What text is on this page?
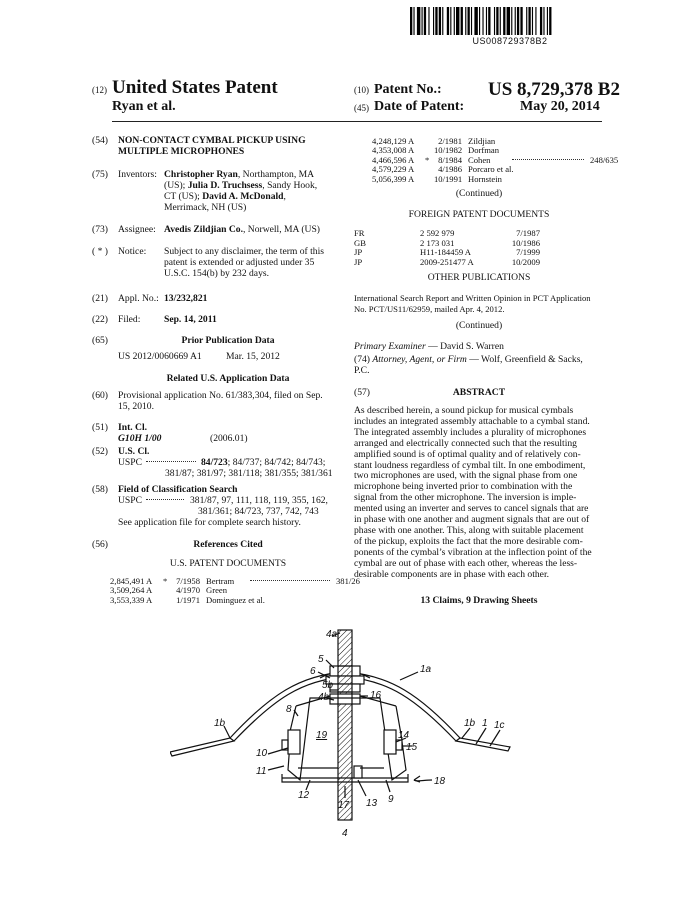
US008729378B2
(12) United States Patent
Ryan et al.
(10) Patent No.: US 8,729,378 B2
(45) Date of Patent:	May 20, 2014
(54) NON-CONTACT CYMBAL PICKUP USING
MULTIPLE MICROPHONES
(75) Inventors: Christopher Ryan, Northampton, MA
(US); Julia D. Truchsess, Sandy Hook,
CT (US); David A. McDonald,
Merrimack, NH (US)
(73) Assignee: Avedis Zildjian Co., Norwell, MA (US)
( * ) Notice: Subject to any disclaimer, the term of this
patent is extended or adjusted under 35
U.S.C. 154(b) by 232 days.
(21) Appl. No.: 13/232,821
(22) Filed: Sep. 14, 2011
(65)	Prior Publication Data
US 2012/0060669 A1	Mar. 15, 2012
Related U.S. Application Data
(60) Provisional application No. 61/383,304, filed on Sep.
15, 2010.
(51) Int. Cl.
G10H 1/00	(2006.01)
(52) U.S. Cl.
USPC	84/723; 84/737; 84/742; 84/743;
381/87; 381/97; 381/118; 381/355; 381/361
(58) Field of Classification Search
USPC	381/87, 97, 111, 118, 119, 355, 162,
381/361; 84/723, 737, 742, 743
See application file for complete search history.
(56)	References Cited
U.S. PATENT DOCUMENTS
2,845,491 A *	7/1958 Bertram	381/26
3,509,264 A	4/1970 Green
3,553,339 A	1/1971 Dominguez et al.
4,248,129 A	2/1981 Zildjian
4,353,008 A 10/1982 Dorfman
4,466,596 A *	8/1984 Cohen	248/635
4,579,229 A	4/1986 Porcaro et al.
5,056,399 A 10/1991 Hornstein
(Continued)
FOREIGN PATENT DOCUMENTS
FR	2 592 979	7/1987
GB	2 173 031	10/1986
JP	H11-184459 A	7/1999
JP	2009-251477 A	10/2009
OTHER PUBLICATIONS
International Search Report and Written Opinion in PCT Application
No. PCT/US11/62959, mailed Apr. 4, 2012.
(Continued)
Primary Examiner — David S. Warren
(74) Attorney, Agent, or Firm — Wolf, Greenfield & Sacks,
P.C.
(57)	ABSTRACT
As described herein, a sound pickup for musical cymbals
includes an integrated assembly attachable to a cymbal stand.
The integrated assembly includes a plurality of microphones
arranged and electrically connected such that the resulting
amplified sound is of optimal quality and of relatively con-
stant loudness regardless of cymbal tilt. In one embodiment,
two microphones are used, with the signal phase from one
microphone being inverted prior to combination with the
signal from the other microphone. The inversion is imple-
mented using an inverter and serves to cancel signals that are
in phase with one another and augment signals that are out of
phase with one another. This, along with suitable placement
of the pickup, exploits the fact that the more desirable com-
ponents of the cymbal’s vibration at the inflection point of the
cymbal are out of phase with each other, whereas the less-
desirable components are in phase with each other.
13 Claims, 9 Drawing Sheets
4a
5
6
5b
4b	16
1a
8
1b
19	14
15
1b 1 1c
10
11
12
17 13 9
18
4
